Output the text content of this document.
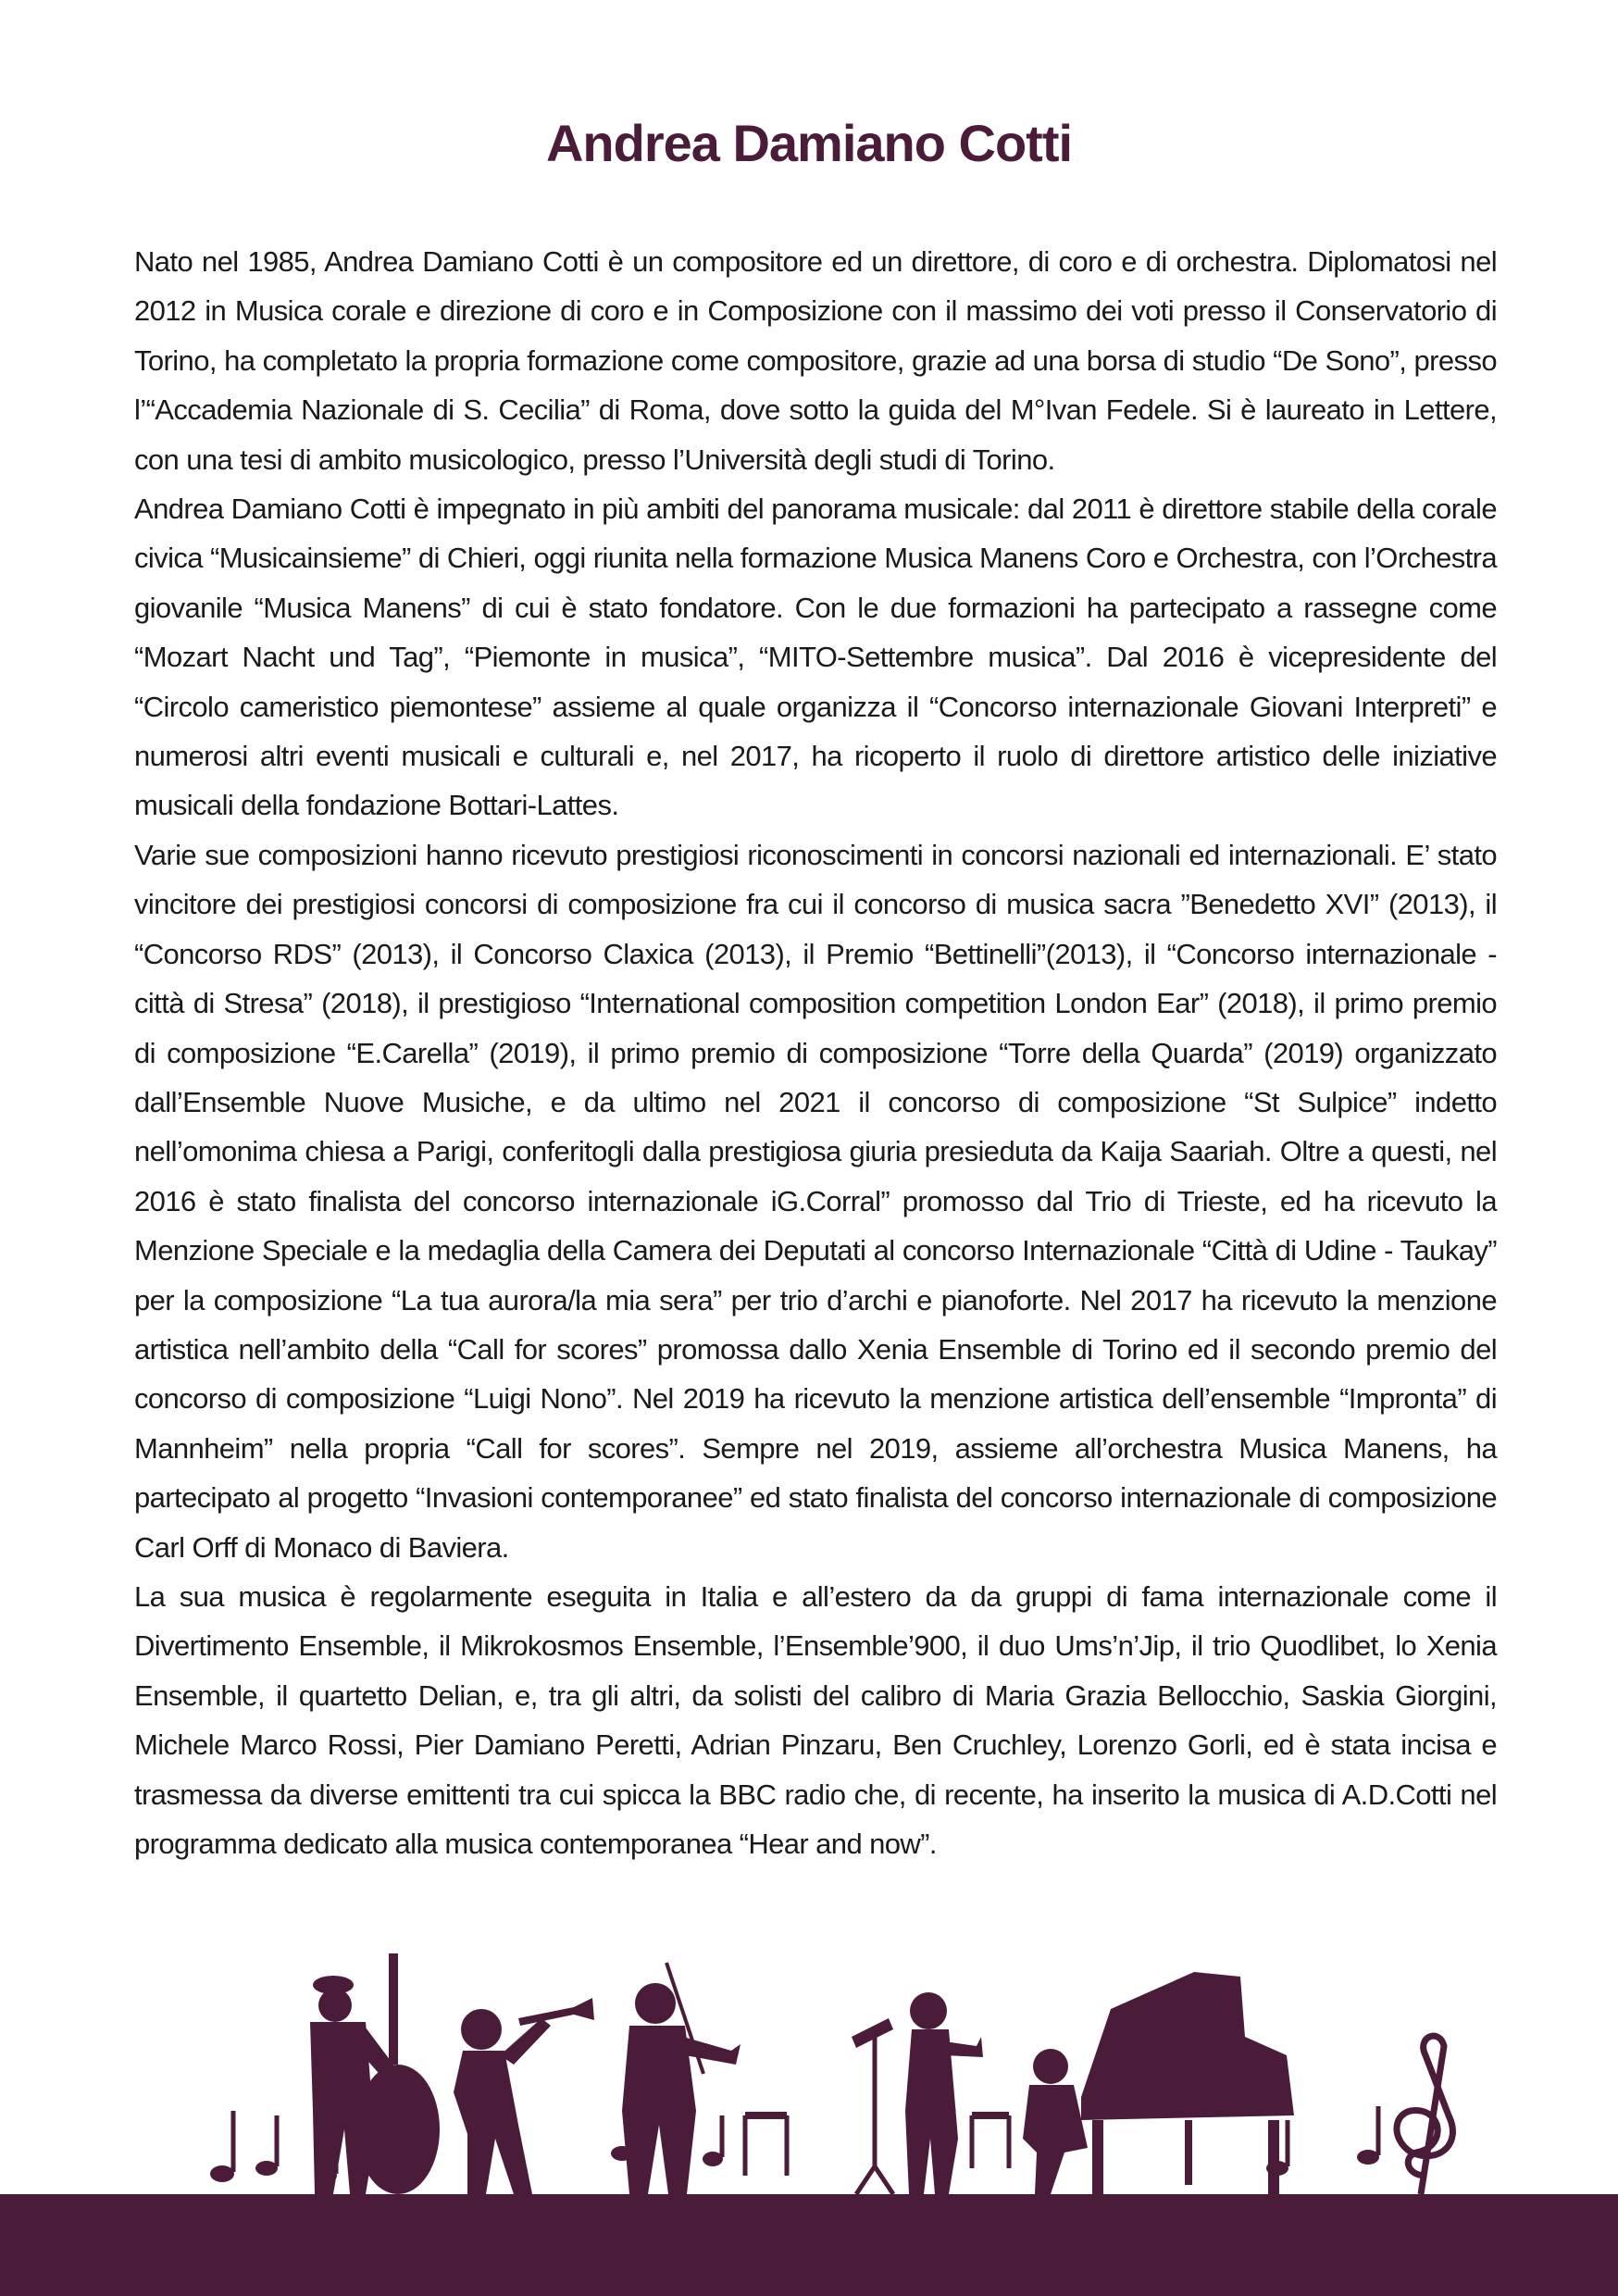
Andrea Damiano Cotti

Nato nel 1985, Andrea Damiano Cotti è un compositore ed un direttore, di coro e di orchestra. Diplomatosi nel 2012 in Musica corale e direzione di coro e in Composizione con il massimo dei voti presso il Conservatorio di Torino, ha completato la propria formazione come compositore, grazie ad una borsa di studio “De Sono”, presso l’“Accademia Nazionale di S. Cecilia” di Roma, dove sotto la guida del M°Ivan Fedele. Si è laureato in Lettere, con una tesi di ambito musicologico, presso l’Università degli studi di Torino.

Andrea Damiano Cotti è impegnato in più ambiti del panorama musicale: dal 2011 è direttore stabile della corale civica “Musicainsieme” di Chieri, oggi riunita nella formazione Musica Manens Coro e Orchestra, con l’Orchestra giovanile “Musica Manens” di cui è stato fondatore. Con le due formazioni ha partecipato a rassegne come “Mozart Nacht und Tag”, “Piemonte in musica”, “MITO-Settembre musica”. Dal 2016 è vicepresidente del “Circolo cameristico piemontese” assieme al quale organizza il “Concorso internazionale Giovani Interpreti” e numerosi altri eventi musicali e culturali e, nel 2017, ha ricoperto il ruolo di direttore artistico delle iniziative musicali della fondazione Bottari-Lattes.

Varie sue composizioni hanno ricevuto prestigiosi riconoscimenti in concorsi nazionali ed internazionali. E’ stato vincitore dei prestigiosi concorsi di composizione fra cui il concorso di musica sacra ”Benedetto XVI” (2013), il “Concorso RDS” (2013), il Concorso Claxica (2013), il Premio “Bettinelli”(2013), il “Concorso internazionale - città di Stresa” (2018), il prestigioso “International composition competition London Ear” (2018), il primo premio di composizione “E.Carella” (2019), il primo premio di composizione “Torre della Quarda” (2019) organizzato dall’Ensemble Nuove Musiche, e da ultimo nel 2021 il concorso di composizione “St Sulpice” indetto nell’omonima chiesa a Parigi, conferitogli dalla prestigiosa giuria presieduta da Kaija Saariah. Oltre a questi, nel 2016 è stato finalista del concorso internazionale iG.Corral” promosso dal Trio di Trieste, ed ha ricevuto la Menzione Speciale e la medaglia della Camera dei Deputati al concorso Internazionale “Città di Udine - Taukay” per la composizione “La tua aurora/la mia sera” per trio d’archi e pianoforte. Nel 2017 ha ricevuto la menzione artistica nell’ambito della “Call for scores” promossa dallo Xenia Ensemble di Torino ed il secondo premio del concorso di composizione “Luigi Nono”. Nel 2019 ha ricevuto la menzione artistica dell’ensemble “Impronta” di Mannheim” nella propria “Call for scores”. Sempre nel 2019, assieme all’orchestra Musica Manens, ha partecipato al progetto “Invasioni contemporanee” ed stato finalista del concorso internazionale di composizione Carl Orff di Monaco di Baviera.

La sua musica è regolarmente eseguita in Italia e all’estero da da gruppi di fama internazionale come il Divertimento Ensemble, il Mikrokosmos Ensemble, l’Ensemble’900, il duo Ums’n’Jip, il trio Quodlibet, lo Xenia Ensemble, il quartetto Delian, e, tra gli altri, da solisti del calibro di Maria Grazia Bellocchio, Saskia Giorgini, Michele Marco Rossi, Pier Damiano Peretti, Adrian Pinzaru, Ben Cruchley, Lorenzo Gorli, ed è stata incisa e trasmessa da diverse emittenti tra cui spicca la BBC radio che, di recente, ha inserito la musica di A.D.Cotti nel programma dedicato alla musica contemporanea “Hear and now”.
